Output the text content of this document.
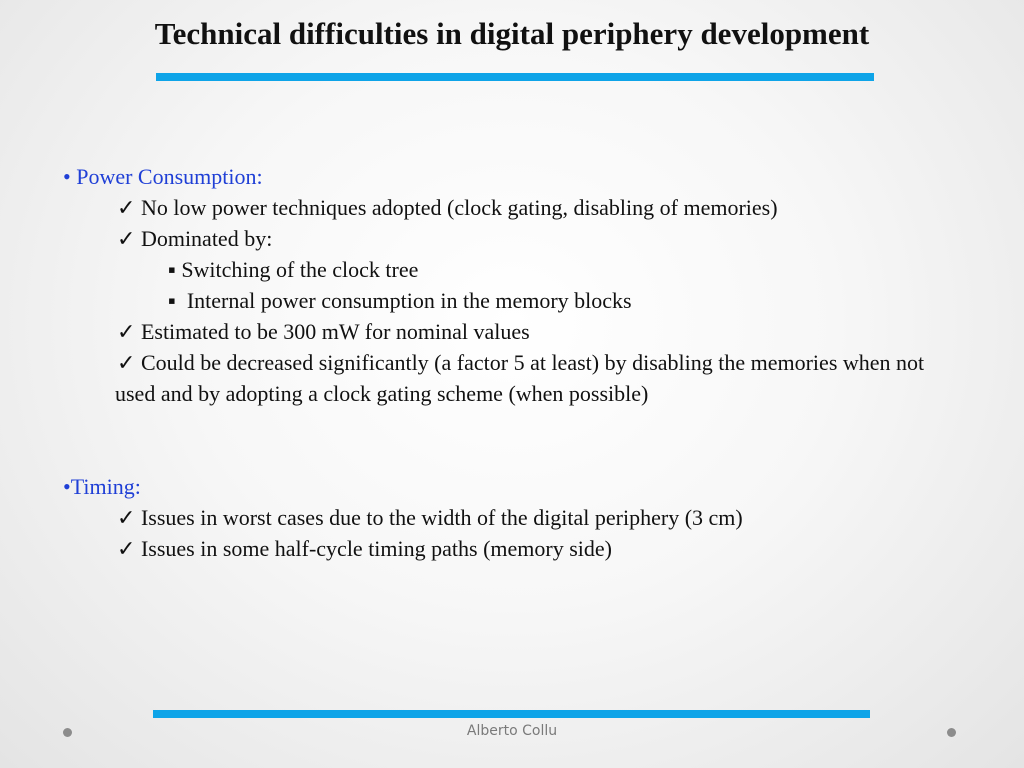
Technical difficulties in digital periphery development
• Power Consumption:
✓ No low power techniques adopted (clock gating, disabling of memories)
✓ Dominated by:
▪ Switching of the clock tree
▪ Internal power consumption in the memory blocks
✓ Estimated to be 300 mW for nominal values
✓ Could be decreased significantly (a factor 5 at least) by disabling the memories when not used and by adopting a clock gating scheme (when possible)
•Timing:
✓ Issues in worst cases due to the width of the digital periphery (3 cm)
✓ Issues in some half-cycle timing paths (memory side)
Alberto Collu
